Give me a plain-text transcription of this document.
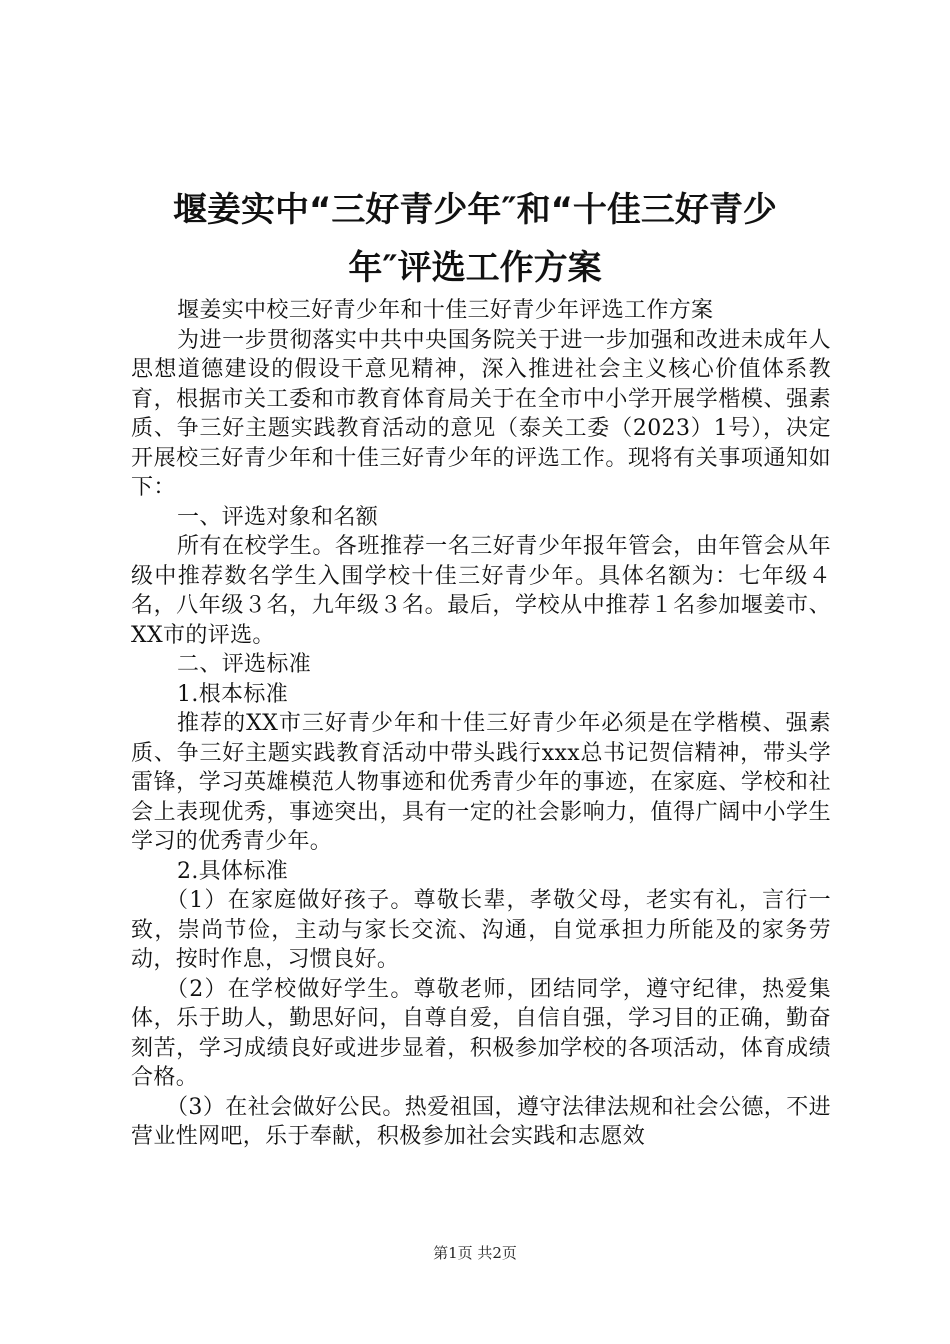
堰姜实中“三好青少年″和“十佳三好青少
年″评选工作方案

堰姜实中校三好青少年和十佳三好青少年评选工作方案

为进一步贯彻落实中共中央国务院关于进一步加强和改进未成年人思想道德建设的假设干意见精神，深入推进社会主义核心价值体系教育，根据市关工委和市教育体育局关于在全市中小学开展学楷模、强素质、争三好主题实践教育活动的意见（泰关工委（2023）1号），决定开展校三好青少年和十佳三好青少年的评选工作。现将有关事项通知如下：

一、评选对象和名额

所有在校学生。各班推荐一名三好青少年报年管会，由年管会从年级中推荐数名学生入围学校十佳三好青少年。具体名额为：七年级４名，八年级３名，九年级３名。最后，学校从中推荐１名参加堰姜市、XX市的评选。

二、评选标准

1.根本标准

推荐的XX市三好青少年和十佳三好青少年必须是在学楷模、强素质、争三好主题实践教育活动中带头践行xxx总书记贺信精神，带头学雷锋，学习英雄模范人物事迹和优秀青少年的事迹，在家庭、学校和社会上表现优秀，事迹突出，具有一定的社会影响力，值得广阔中小学生学习的优秀青少年。

2.具体标准

（1）在家庭做好孩子。尊敬长辈，孝敬父母，老实有礼，言行一致，崇尚节俭，主动与家长交流、沟通，自觉承担力所能及的家务劳动，按时作息，习惯良好。

（2）在学校做好学生。尊敬老师，团结同学，遵守纪律，热爱集体，乐于助人，勤思好问，自尊自爱，自信自强，学习目的正确，勤奋刻苦，学习成绩良好或进步显着，积极参加学校的各项活动，体育成绩合格。

（3）在社会做好公民。热爱祖国，遵守法律法规和社会公德，不进营业性网吧，乐于奉献，积极参加社会实践和志愿效

第1页 共2页
